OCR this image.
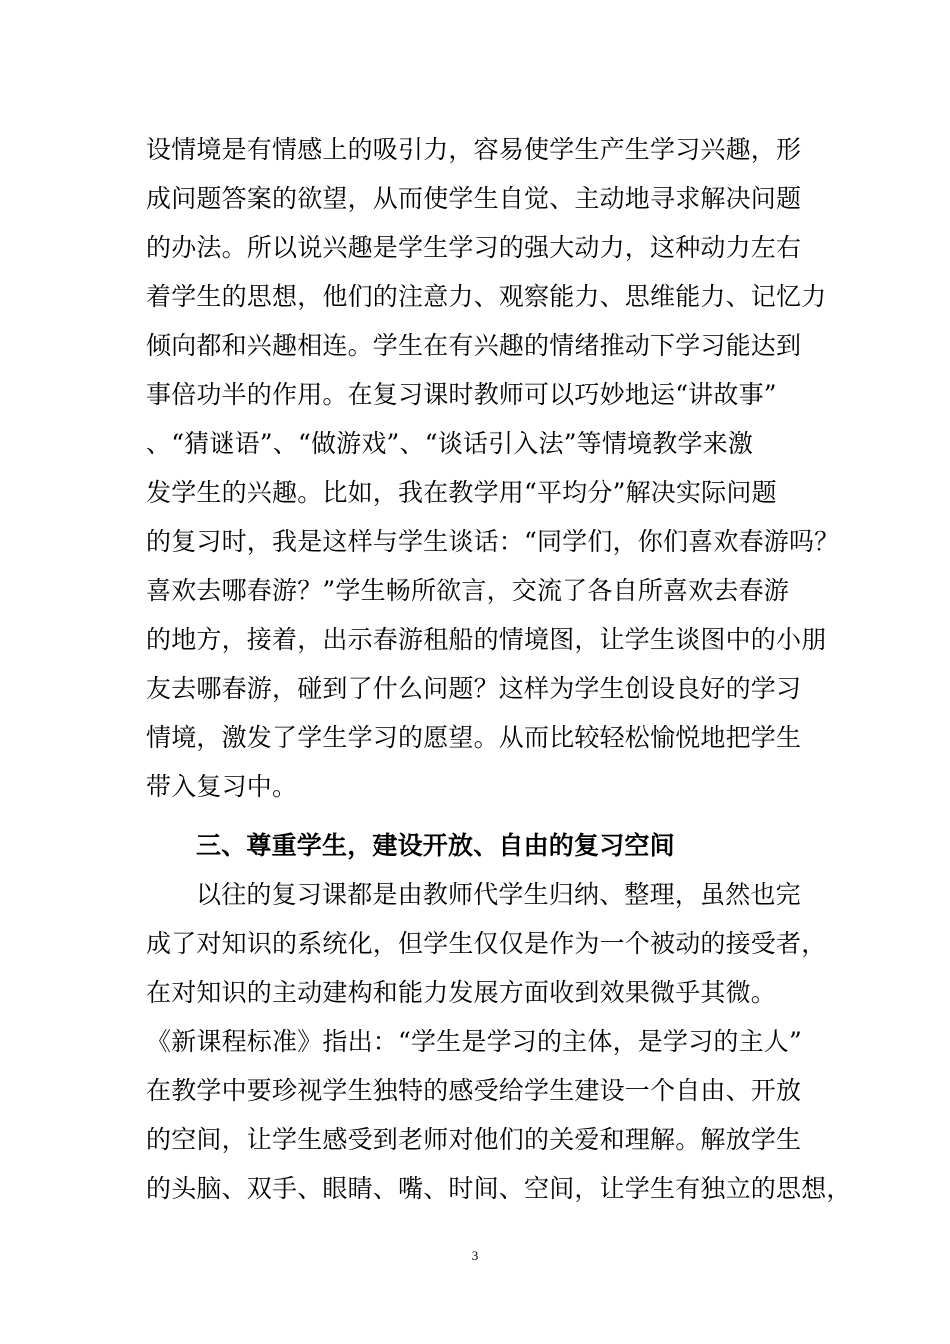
设情境是有情感上的吸引力，容易使学生产生学习兴趣，形
成问题答案的欲望，从而使学生自觉、主动地寻求解决问题
的办法。所以说兴趣是学生学习的强大动力，这种动力左右
着学生的思想，他们的注意力、观察能力、思维能力、记忆力
倾向都和兴趣相连。学生在有兴趣的情绪推动下学习能达到
事倍功半的作用。在复习课时教师可以巧妙地运“讲故事”
、“猜谜语”、“做游戏”、“谈话引入法”等情境教学来激
发学生的兴趣。比如，我在教学用“平均分”解决实际问题
的复习时，我是这样与学生谈话：“同学们，你们喜欢春游吗？
喜欢去哪春游？”学生畅所欲言，交流了各自所喜欢去春游
的地方，接着，出示春游租船的情境图，让学生谈图中的小朋
友去哪春游，碰到了什么问题？这样为学生创设良好的学习
情境，激发了学生学习的愿望。从而比较轻松愉悦地把学生
带入复习中。
三、尊重学生，建设开放、自由的复习空间
以往的复习课都是由教师代学生归纳、整理，虽然也完
成了对知识的系统化，但学生仅仅是作为一个被动的接受者，
在对知识的主动建构和能力发展方面收到效果微乎其微。
《新课程标准》指出：“学生是学习的主体，是学习的主人”
在教学中要珍视学生独特的感受给学生建设一个自由、开放
的空间，让学生感受到老师对他们的关爱和理解。解放学生
的头脑、双手、眼睛、嘴、时间、空间，让学生有独立的思想，
3
